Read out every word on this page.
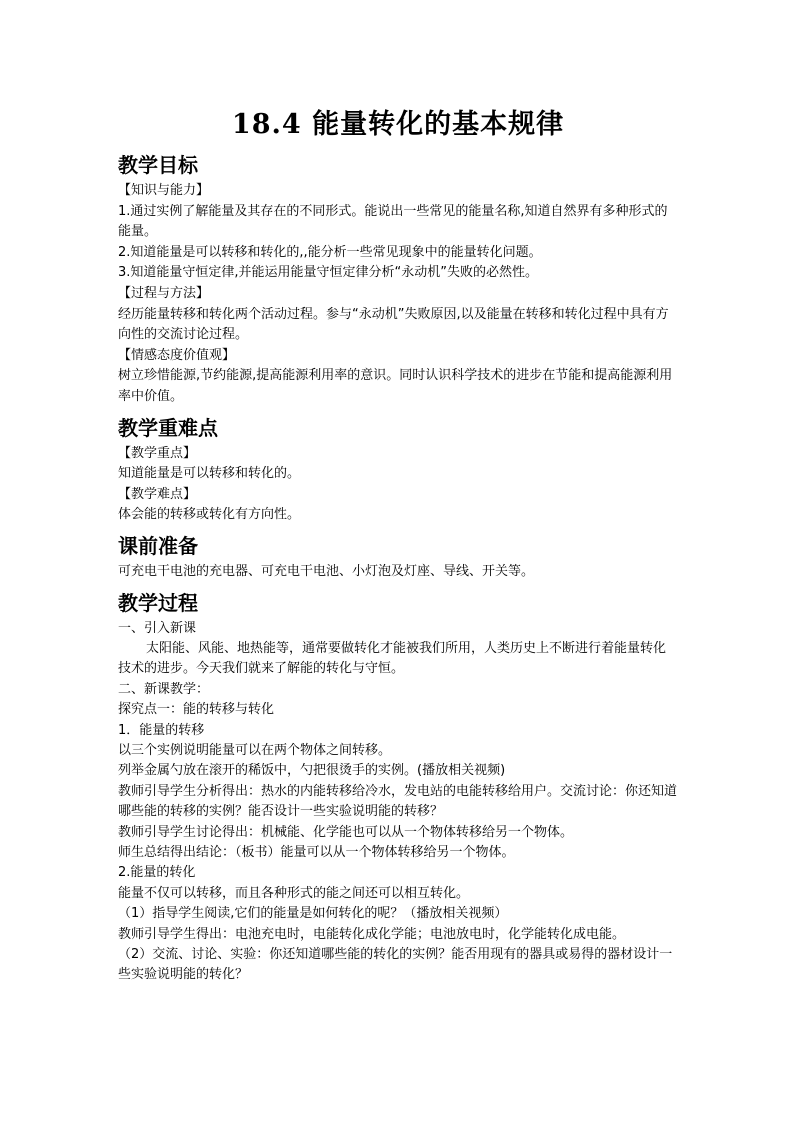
18.4 能量转化的基本规律
教学目标

【知识与能力】

1.通过实例了解能量及其存在的不同形式。能说出一些常见的能量名称,知道自然界有多种形式的能量。

2.知道能量是可以转移和转化的,,能分析一些常见现象中的能量转化问题。

3.知道能量守恒定律,并能运用能量守恒定律分析“永动机”失败的必然性。

【过程与方法】

经历能量转移和转化两个活动过程。参与“永动机”失败原因,以及能量在转移和转化过程中具有方向性的交流讨论过程。

【情感态度价值观】

树立珍惜能源,节约能源,提高能源利用率的意识。同时认识科学技术的进步在节能和提高能源利用率中价值。

教学重难点

【教学重点】

知道能量是可以转移和转化的。

【教学难点】

体会能的转移或转化有方向性。

课前准备

可充电干电池的充电器、可充电干电池、小灯泡及灯座、导线、开关等。

教学过程

一、引入新课

太阳能、风能、地热能等，通常要做转化才能被我们所用，人类历史上不断进行着能量转化技术的进步。今天我们就来了解能的转化与守恒。

二、新课教学：

探究点一：能的转移与转化

1．能量的转移

以三个实例说明能量可以在两个物体之间转移。

列举金属勺放在滚开的稀饭中，勺把很烫手的实例。(播放相关视频)

教师引导学生分析得出：热水的内能转移给冷水，发电站的电能转移给用户。交流讨论：你还知道哪些能的转移的实例？能否设计一些实验说明能的转移？

教师引导学生讨论得出：机械能、化学能也可以从一个物体转移给另一个物体。

师生总结得出结论：（板书）能量可以从一个物体转移给另一个物体。

2.能量的转化

能量不仅可以转移，而且各种形式的能之间还可以相互转化。

（1）指导学生阅读,它们的能量是如何转化的呢？（播放相关视频）

教师引导学生得出：电池充电时，电能转化成化学能；电池放电时，化学能转化成电能。

（2）交流、讨论、实验：你还知道哪些能的转化的实例？能否用现有的器具或易得的器材设计一些实验说明能的转化？
